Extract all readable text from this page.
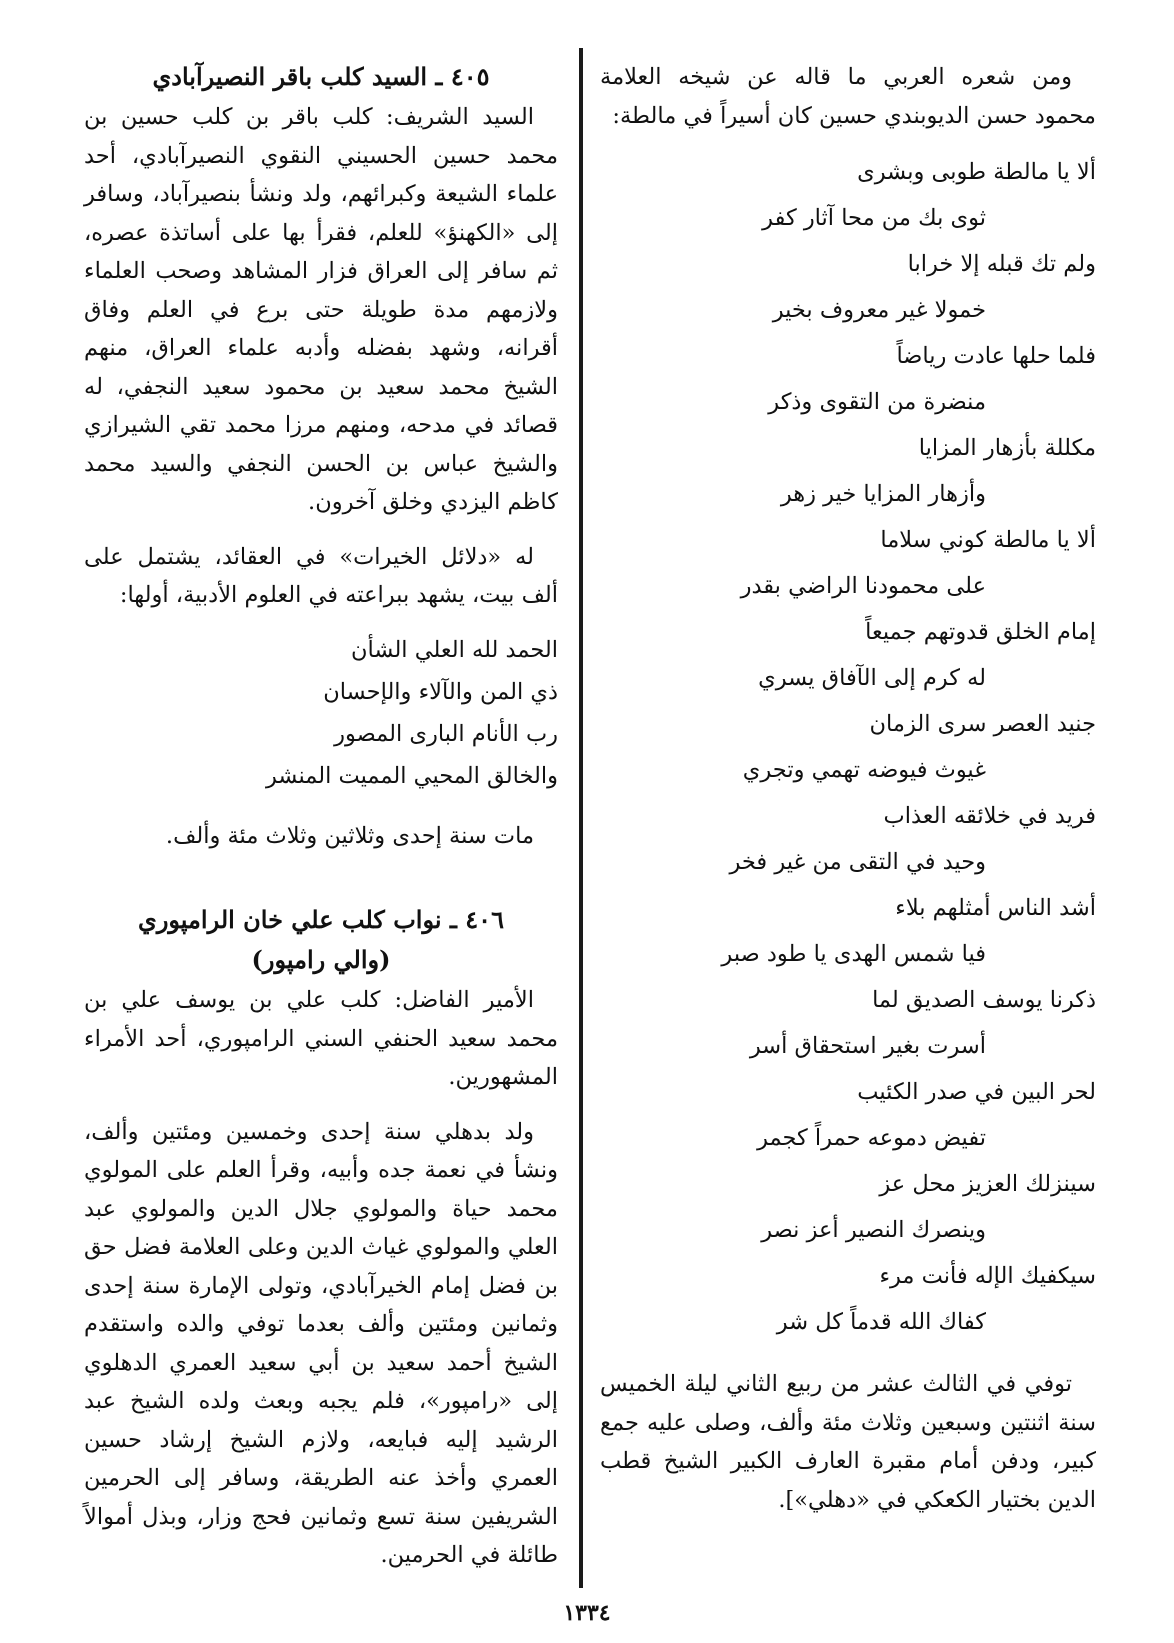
ومن شعره العربي ما قاله عن شيخه العلامة محمود حسن الديوبندي حسين كان أسيراً في مالطة:

ألا يا مالطة طوبى وبشرى
ثوى بك من محا آثار كفر
ولم تك قبله إلا خرابا
خمولا غير معروف بخير
فلما حلها عادت رياضاً
منضرة من التقوى وذكر
مكللة بأزهار المزايا
وأزهار المزايا خير زهر
ألا يا مالطة كوني سلاما
على محمودنا الراضي بقدر
إمام الخلق قدوتهم جميعاً
له كرم إلى الآفاق يسري
جنيد العصر سرى الزمان
غيوث فيوضه تهمي وتجري
فريد في خلائقه العذاب
وحيد في التقى من غير فخر
أشد الناس أمثلهم بلاء
فيا شمس الهدى يا طود صبر
ذكرنا يوسف الصديق لما
أسرت بغير استحقاق أسر
لحر البين في صدر الكئيب
تفيض دموعه حمراً كجمر
سينزلك العزيز محل عز
وينصرك النصير أعز نصر
سيكفيك الإله فأنت مرء
كفاك الله قدماً كل شر

توفي في الثالث عشر من ربيع الثاني ليلة الخميس سنة اثنتين وسبعين وثلاث مئة وألف، وصلى عليه جمع كبير، ودفن أمام مقبرة العارف الكبير الشيخ قطب الدين بختيار الكعكي في «دهلي»].

٤٠٥ ـ السيد كلب باقر النصيرآبادي

السيد الشريف: كلب باقر بن كلب حسين بن محمد حسين الحسيني النقوي النصيرآبادي، أحد علماء الشيعة وكبرائهم، ولد ونشأ بنصيرآباد، وسافر إلى «الكهنؤ» للعلم، فقرأ بها على أساتذة عصره، ثم سافر إلى العراق فزار المشاهد وصحب العلماء ولازمهم مدة طويلة حتى برع في العلم وفاق أقرانه، وشهد بفضله وأدبه علماء العراق، منهم الشيخ محمد سعيد بن محمود سعيد النجفي، له قصائد في مدحه، ومنهم مرزا محمد تقي الشيرازي والشيخ عباس بن الحسن النجفي والسيد محمد كاظم اليزدي وخلق آخرون.

له «دلائل الخيرات» في العقائد، يشتمل على ألف بيت، يشهد ببراعته في العلوم الأدبية، أولها:

الحمد لله العلي الشأن
ذي المن والآلاء والإحسان
رب الأنام البارى المصور
والخالق المحيي المميت المنشر

مات سنة إحدى وثلاثين وثلاث مئة وألف.

٤٠٦ ـ نواب كلب علي خان الرامپوري
(والي رامپور)

الأمير الفاضل: كلب علي بن يوسف علي بن محمد سعيد الحنفي السني الرامپوري، أحد الأمراء المشهورين.

ولد بدهلي سنة إحدى وخمسين ومئتين وألف، ونشأ في نعمة جده وأبيه، وقرأ العلم على المولوي محمد حياة والمولوي جلال الدين والمولوي عبد العلي والمولوي غياث الدين وعلى العلامة فضل حق بن فضل إمام الخيرآبادي، وتولى الإمارة سنة إحدى وثمانين ومئتين وألف بعدما توفي والده واستقدم الشيخ أحمد سعيد بن أبي سعيد العمري الدهلوي إلى «رامپور»، فلم يجبه وبعث ولده الشيخ عبد الرشيد إليه فبايعه، ولازم الشيخ إرشاد حسين العمري وأخذ عنه الطريقة، وسافر إلى الحرمين الشريفين سنة تسع وثمانين فحج وزار، وبذل أموالاً طائلة في الحرمين.

١٣٣٤
